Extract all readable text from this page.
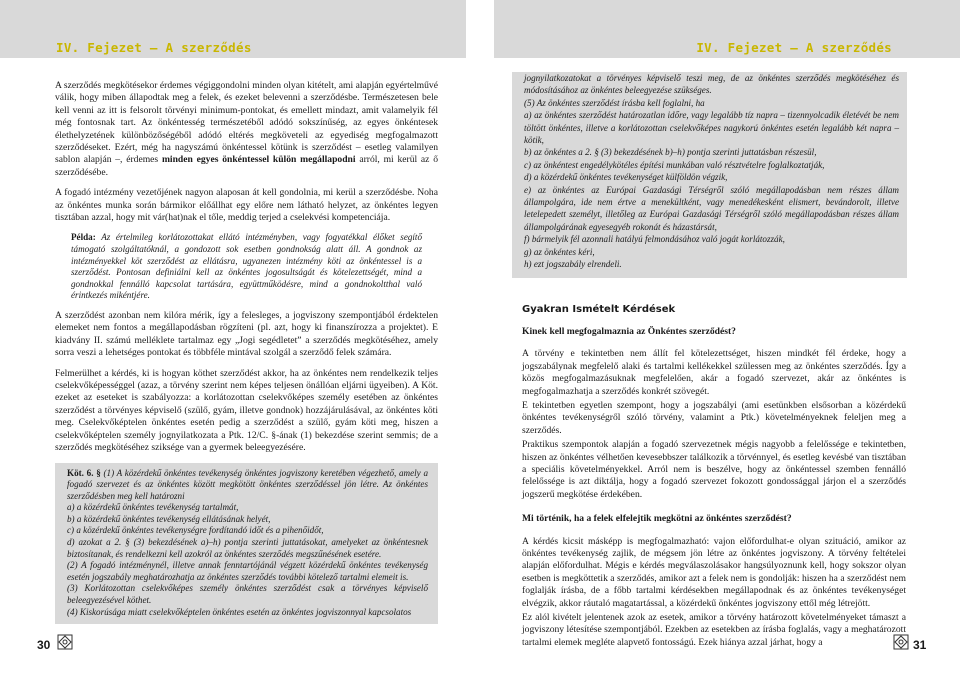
IV. Fejezet – A szerződés	IV. Fejezet – A szerződés

A szerződés megkötésekor érdemes végiggondolni minden olyan kitételt, ami alapján egyértelművé válik, hogy miben állapodtak meg a felek, és ezeket belevenni a szerződésbe. Természetesen bele kell venni az itt is felsorolt törvényi minimum-pontokat, és emellett mindazt, amit valamelyik fél még fontosnak tart. Az önkéntesség természetéből adódó sokszínűség, az egyes önkéntesek élethelyzetének különbözőségéből adódó eltérés megköveteli az egyediség megfogalmazott szerződéseket. Ezért, még ha nagyszámú önkéntessel kötünk is szerződést – esetleg valamilyen sablon alapján –, érdemes minden egyes önkéntessel külön megállapodni arról, mi kerül az ő szerződésébe.

A fogadó intézmény vezetőjének nagyon alaposan át kell gondolnia, mi kerül a szerződésbe. Noha az önkéntes munka során bármikor előállhat egy előre nem látható helyzet, az önkéntes legyen tisztában azzal, hogy mit vár(hat)nak el tőle, meddig terjed a cselekvési kompetenciája.

Példa: Az értelmileg korlátozottakat ellátó intézményben, vagy fogyatékkal élőket segítő támogató szolgáltatóknál, a gondozott sok esetben gondnokság alatt áll. A gondnok az intézményekkel köt szerződést az ellátásra, ugyanezen intézmény köti az önkéntessel is a szerződést. Pontosan definiálni kell az önkéntes jogosultságát és kötelezettségét, mind a gondnokkal fennálló kapcsolat tartására, együttműködésre, mind a gondnokoltthal való érintkezés mikéntjére.

A szerződést azonban nem kilóra mérik, így a felesleges, a jogviszony szempontjából érdektelen elemeket nem fontos a megállapodásban rögzíteni (pl. azt, hogy ki finanszírozza a projektet). E kiadvány II. számú melléklete tartalmaz egy „Jogi segédletet” a szerződés megkötéséhez, amely sorra veszi a lehetséges pontokat és többféle mintával szolgál a szerződő felek számára.

Felmerülhet a kérdés, ki is hogyan köthet szerződést akkor, ha az önkéntes nem rendelkezik teljes cselekvőképességgel (azaz, a törvény szerint nem képes teljesen önállóan eljárni ügyeiben). A Köt. ezeket az eseteket is szabályozza: a korlátozottan cselekvőképes személy esetében az önkéntes szerződést a törvényes képviselő (szülő, gyám, illetve gondnok) hozzájárulásával, az önkéntes köti meg. Cselekvőképtelen önkéntes esetén pedig a szerződést a szülő, gyám köti meg, hiszen a cselekvőképtelen személy jognyilatkozata a Ptk. 12/C. §-ának (1) bekezdése szerint semmis; de a szerződés megkötéséhez sziksége van a gyermek beleegyezésére.

Köt. 6. § (1) A közérdekű önkéntes tevékenység önkéntes jogviszony keretében végezhető, amely a fogadó szervezet és az önkéntes között megkötött önkéntes szerződéssel jön létre. Az önkéntes szerződésben meg kell határozni
a) a közérdekű önkéntes tevékenység tartalmát,
b) a közérdekű önkéntes tevékenység ellátásának helyét,
c) a közérdekű önkéntes tevékenységre fordítandó időt és a pihenőidőt,
d) azokat a 2. § (3) bekezdésének a)–h) pontja szerinti juttatásokat, amelyeket az önkéntesnek biztosítanak, és rendelkezni kell azokról az önkéntes szerződés megszűnésének esetére.
(2) A fogadó intézménynél, illetve annak fenntartójánál végzett közérdekű önkéntes tevékenység esetén jogszabály meghatározhatja az önkéntes szerződés további kötelező tartalmi elemeit is.
(3) Korlátozottan cselekvőképes személy önkéntes szerződést csak a törvényes képviselő beleegyezésével köthet.
(4) Kiskorúsága miatt cselekvőképtelen önkéntes esetén az önkéntes jogviszonnyal kapcsolatos
jognyilatkozatokat a törvényes képviselő teszi meg, de az önkéntes szerződés megkötéséhez és módosításához az önkéntes beleegyezése szükséges.
(5) Az önkéntes szerződést írásba kell foglalni, ha
a) az önkéntes szerződést határozatlan időre, vagy legalább tíz napra – tizennyolcadik életévét be nem töltött önkéntes, illetve a korlátozottan cselekvőképes nagykorú önkéntes esetén legalább két napra – kötik,
b) az önkéntes a 2. § (3) bekezdésének b)–h) pontja szerinti juttatásban részesül,
c) az önkéntest engedélykötéles építési munkában való résztvételre foglalkoztatják,
d) a közérdekű önkéntes tevékenységet külföldön végzik,
e) az önkéntes az Európai Gazdasági Térségről szóló megállapodásban nem részes állam állampolgára, ide nem értve a menekültként, vagy menedékesként elismert, bevándorolt, illetve letelepedett személyt, illetőleg az Európai Gazdasági Térségről szóló megállapodásban részes állam állampolgárának egyesegyéb rokonát és házastársát,
f) bármelyik fél azonnali hatályú felmondásához való jogát korlátozzák,
g) az önkéntes kéri,
h) ezt jogszabály elrendeli.
Gyakran Ismételt Kérdések

Kinek kell megfogalmaznia az Önkéntes szerződést?

A törvény e tekintetben nem állít fel kötelezettséget, hiszen mindkét fél érdeke, hogy a jogszabálynak megfelelő alaki és tartalmi kellékekkel szülessen meg az önkéntes szerződés. Így a közös megfogalmazásuknak megfelelően, akár a fogadó szervezet, akár az önkéntes is megfogalmazhatja a szerződés konkrét szövegét.

E tekintetben egyetlen szempont, hogy a jogszabályi (ami esetünkben elsősorban a közérdekű önkéntes tevékenységről szóló törvény, valamint a Ptk.) követelményeknek feleljen meg a szerződés.

Praktikus szempontok alapján a fogadó szervezetnek mégis nagyobb a felelőssége e tekintetben, hiszen az önkéntes vélhetően kevesebbszer találkozik a törvénnyel, és esetleg kevésbé van tisztában a speciális követelményekkel. Arról nem is beszélve, hogy az önkéntessel szemben fennálló felelőssége is azt diktálja, hogy a fogadó szervezet fokozott gondossággal járjon el a szerződés jogszerű megkötése érdekében.

Mi történik, ha a felek elfelejtik megkötni az önkéntes szerződést?

A kérdés kicsit másképp is megfogalmazható: vajon előfordulhat-e olyan szituáció, amikor az önkéntes tevékenység zajlik, de mégsem jön létre az önkéntes jogviszony. A törvény feltételei alapján előfordulhat. Mégis e kérdés megválaszolásakor hangsúlyoznunk kell, hogy sokszor olyan esetben is megköttetik a szerződés, amikor azt a felek nem is gondolják: hiszen ha a szerződést nem foglalják írásba, de a főbb tartalmi kérdésekben megállapodnak és az önkéntes tevékenységet elvégzik, akkor ráutaló magatartással, a közérdekű önkéntes jogviszony ettől még létrejött.

Ez alól kivételt jelentenek azok az esetek, amikor a törvény határozott követelményeket támaszt a jogviszony létesítése szempontjából. Ezekben az esetekben az írásba foglalás, vagy a meghatározott tartalmi elemek megléte alapvető fontosságú. Ezek hiánya azzal járhat, hogy a

30	31
